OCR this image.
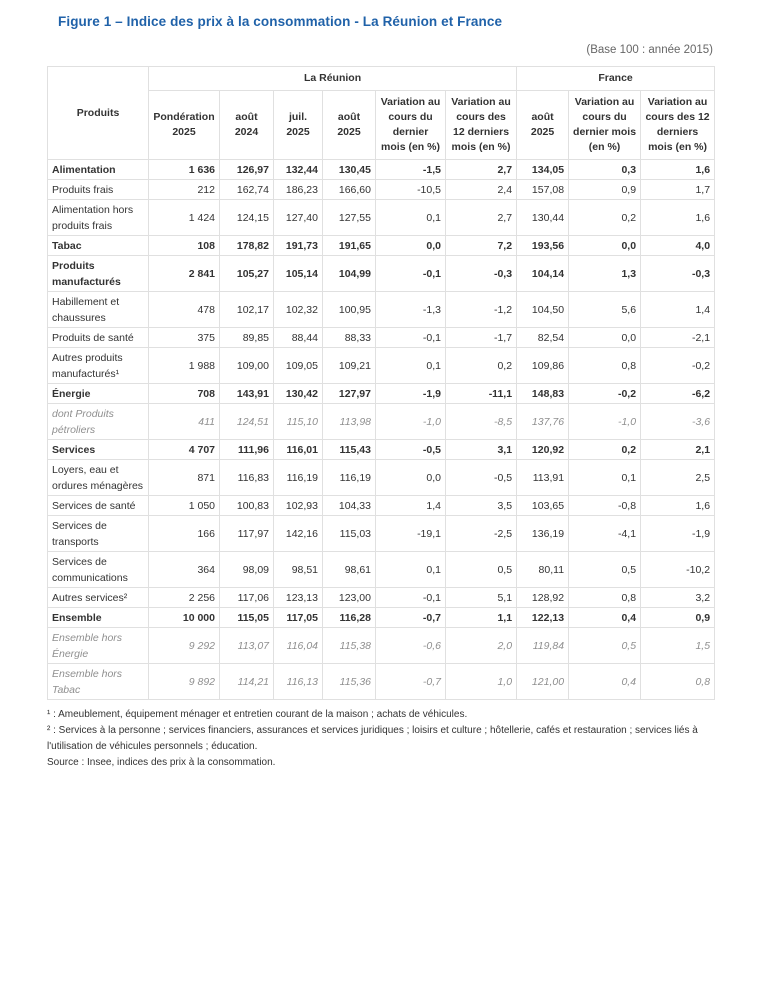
Figure 1 – Indice des prix à la consommation - La Réunion et France
(Base 100 : année 2015)
Produits	La Réunion						France		
	Pondération 2025	août 2024	juil. 2025	août 2025	Variation au cours du dernier mois (en %)	Variation au cours des 12 derniers mois (en %)	août 2025	Variation au cours du dernier mois (en %)	Variation au cours des 12 derniers mois (en %)
Alimentation	1 636	126,97	132,44	130,45	-1,5	2,7	134,05	0,3	1,6
Produits frais	212	162,74	186,23	166,60	-10,5	2,4	157,08	0,9	1,7
Alimentation hors produits frais	1 424	124,15	127,40	127,55	0,1	2,7	130,44	0,2	1,6
Tabac	108	178,82	191,73	191,65	0,0	7,2	193,56	0,0	4,0
Produits manufacturés	2 841	105,27	105,14	104,99	-0,1	-0,3	104,14	1,3	-0,3
Habillement et chaussures	478	102,17	102,32	100,95	-1,3	-1,2	104,50	5,6	1,4
Produits de santé	375	89,85	88,44	88,33	-0,1	-1,7	82,54	0,0	-2,1
Autres produits manufacturés¹	1 988	109,00	109,05	109,21	0,1	0,2	109,86	0,8	-0,2
Énergie	708	143,91	130,42	127,97	-1,9	-11,1	148,83	-0,2	-6,2
dont Produits pétroliers	411	124,51	115,10	113,98	-1,0	-8,5	137,76	-1,0	-3,6
Services	4 707	111,96	116,01	115,43	-0,5	3,1	120,92	0,2	2,1
Loyers, eau et ordures ménagères	871	116,83	116,19	116,19	0,0	-0,5	113,91	0,1	2,5
Services de santé	1 050	100,83	102,93	104,33	1,4	3,5	103,65	-0,8	1,6
Services de transports	166	117,97	142,16	115,03	-19,1	-2,5	136,19	-4,1	-1,9
Services de communications	364	98,09	98,51	98,61	0,1	0,5	80,11	0,5	-10,2
Autres services²	2 256	117,06	123,13	123,00	-0,1	5,1	128,92	0,8	3,2
Ensemble	10 000	115,05	117,05	116,28	-0,7	1,1	122,13	0,4	0,9
Ensemble hors Énergie	9 292	113,07	116,04	115,38	-0,6	2,0	119,84	0,5	1,5
Ensemble hors Tabac	9 892	114,21	116,13	115,36	-0,7	1,0	121,00	0,4	0,8

¹ : Ameublement, équipement ménager et entretien courant de la maison ; achats de véhicules.

² : Services à la personne ; services financiers, assurances et services juridiques ; loisirs et culture ; hôtellerie, cafés et restauration ; services liés à l'utilisation de véhicules personnels ; éducation.

Source : Insee, indices des prix à la consommation.
